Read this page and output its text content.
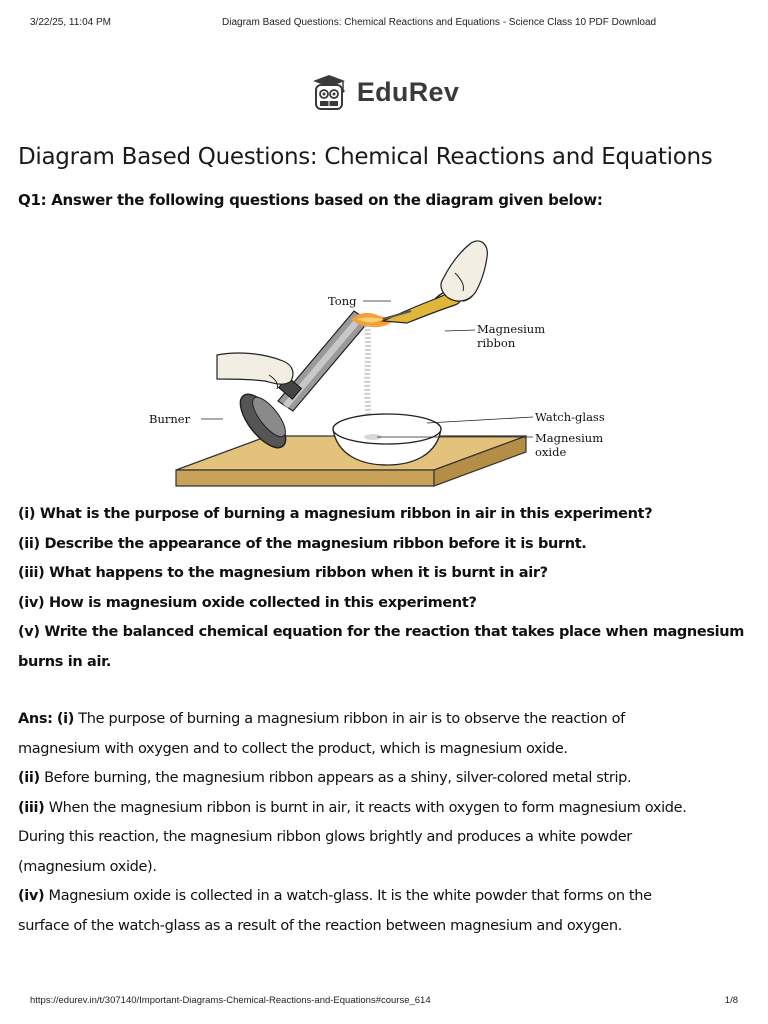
3/22/25, 11:04 PM	Diagram Based Questions: Chemical Reactions and Equations - Science Class 10 PDF Download
EduRev
Diagram Based Questions: Chemical Reactions and Equations
Q1: Answer the following questions based on the diagram given below:
Tong
Magnesium
ribbon
Burner	Watch-glass
Magnesium
oxide
(i) What is the purpose of burning a magnesium ribbon in air in this experiment?
(ii) Describe the appearance of the magnesium ribbon before it is burnt.
(iii) What happens to the magnesium ribbon when it is burnt in air?
(iv) How is magnesium oxide collected in this experiment?
(v) Write the balanced chemical equation for the reaction that takes place when magnesium
burns in air.
Ans: (i) The purpose of burning a magnesium ribbon in air is to observe the reaction of
magnesium with oxygen and to collect the product, which is magnesium oxide.
(ii) Before burning, the magnesium ribbon appears as a shiny, silver-colored metal strip.
(iii) When the magnesium ribbon is burnt in air, it reacts with oxygen to form magnesium oxide.
During this reaction, the magnesium ribbon glows brightly and produces a white powder
(magnesium oxide).
(iv) Magnesium oxide is collected in a watch-glass. It is the white powder that forms on the
surface of the watch-glass as a result of the reaction between magnesium and oxygen.
https://edurev.in/t/307140/Important-Diagrams-Chemical-Reactions-and-Equations#course_614	1/8
